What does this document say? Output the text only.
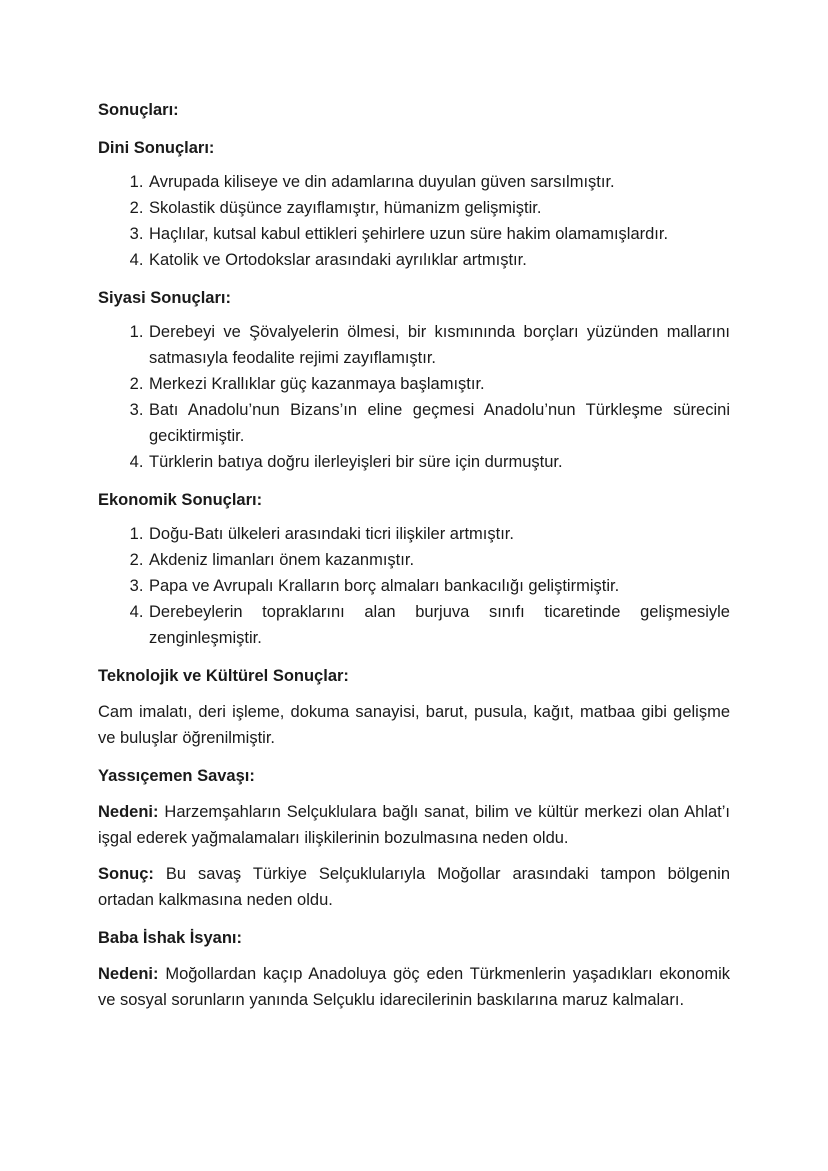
Sonuçları:

Dini Sonuçları:

1. Avrupada kiliseye ve din adamlarına duyulan güven sarsılmıştır.
2. Skolastik düşünce zayıflamıştır, hümanizm gelişmiştir.
3. Haçlılar, kutsal kabul ettikleri şehirlere uzun süre hakim olamamışlardır.
4. Katolik ve Ortodokslar arasındaki ayrılıklar artmıştır.

Siyasi Sonuçları:

1. Derebeyi ve Şövalyelerin ölmesi, bir kısmınında borçları yüzünden mallarını satmasıyla feodalite rejimi zayıflamıştır.
2. Merkezi Krallıklar güç kazanmaya başlamıştır.
3. Batı Anadolu’nun Bizans’ın eline geçmesi Anadolu’nun Türkleşme sürecini geciktirmiştir.
4. Türklerin batıya doğru ilerleyişleri bir süre için durmuştur.

Ekonomik Sonuçları:

1. Doğu-Batı ülkeleri arasındaki ticri ilişkiler artmıştır.
2. Akdeniz limanları önem kazanmıştır.
3. Papa ve Avrupalı Kralların borç almaları bankacılığı geliştirmiştir.
4. Derebeylerin topraklarını alan burjuva sınıfı ticaretinde gelişmesiyle zenginleşmiştir.

Teknolojik ve Kültürel Sonuçlar:

Cam imalatı, deri işleme, dokuma sanayisi, barut, pusula, kağıt, matbaa gibi gelişme ve buluşlar öğrenilmiştir.

Yassıçemen Savaşı:

Nedeni: Harzemşahların Selçuklulara bağlı sanat, bilim ve kültür merkezi olan Ahlat’ı işgal ederek yağmalamaları ilişkilerinin bozulmasına neden oldu.

Sonuç: Bu savaş Türkiye Selçuklularıyla Moğollar arasındaki tampon bölgenin ortadan kalkmasına neden oldu.

Baba İshak İsyanı:

Nedeni: Moğollardan kaçıp Anadoluya göç eden Türkmenlerin yaşadıkları ekonomik ve sosyal sorunların yanında Selçuklu idarecilerinin baskılarına maruz kalmaları.
